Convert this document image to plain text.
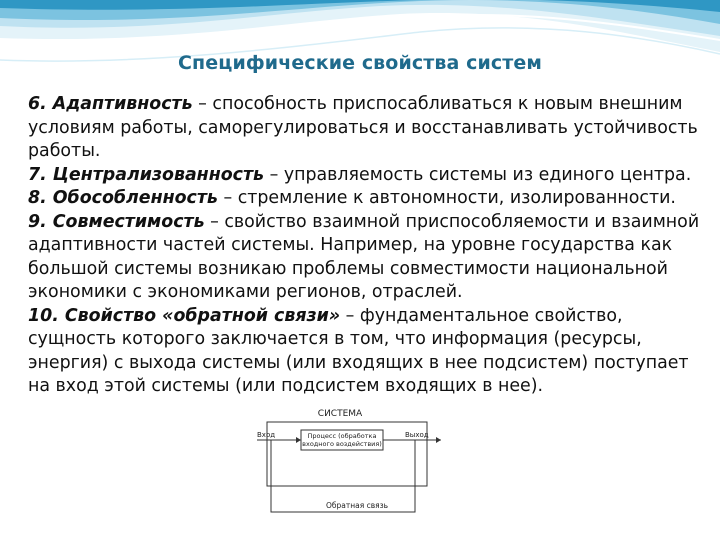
Специфические свойства систем
СИСТЕМА
Процесс (обработка
входного воздействия)
Вход	Выход
Обратная связь

6. Адаптивность – способность приспосабливаться к новым внешним условиям работы, саморегулироваться и восстанавливать устойчивость работы.

7. Централизованность – управляемость системы из единого центра.

8. Обособленность – стремление к автономности, изолированности.

9. Совместимость – свойство взаимной приспособляемости и взаимной адаптивности частей системы. Например, на уровне государства как большой системы возникаю проблемы совместимости национальной экономики с экономиками регионов, отраслей.

10. Свойство «обратной связи» – фундаментальное свойство, сущность которого заключается в том, что информация (ресурсы, энергия) с выхода системы (или входящих в нее подсистем) поступает на вход этой системы (или подсистем входящих в нее).
